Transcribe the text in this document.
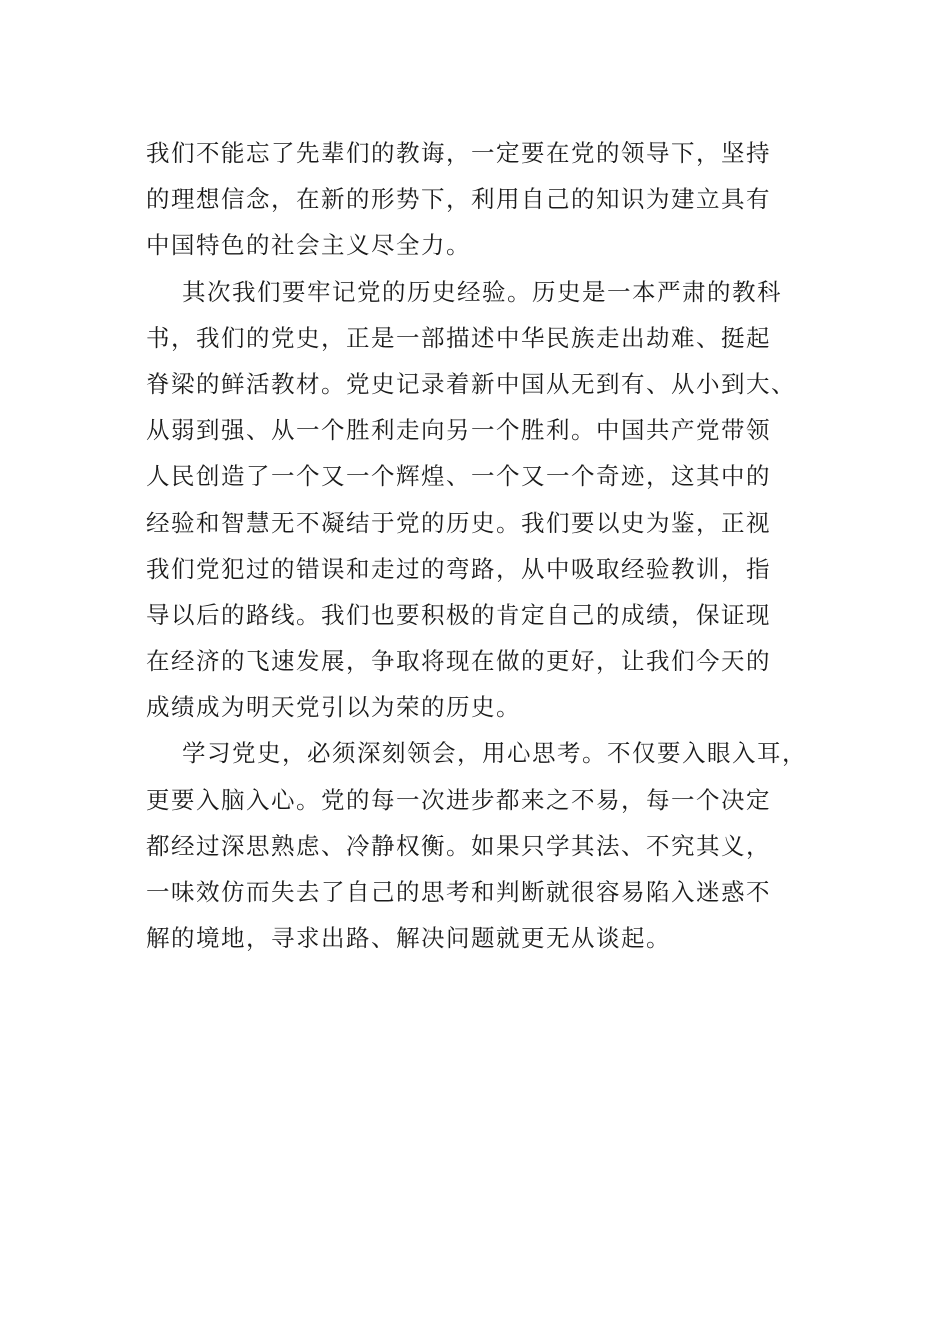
我们不能忘了先辈们的教诲，一定要在党的领导下，坚持
的理想信念，在新的形势下，利用自己的知识为建立具有
中国特色的社会主义尽全力。
其次我们要牢记党的历史经验。历史是一本严肃的教科
书，我们的党史，正是一部描述中华民族走出劫难、挺起
脊梁的鲜活教材。党史记录着新中国从无到有、从小到大、
从弱到强、从一个胜利走向另一个胜利。中国共产党带领
人民创造了一个又一个辉煌、一个又一个奇迹，这其中的
经验和智慧无不凝结于党的历史。我们要以史为鉴，正视
我们党犯过的错误和走过的弯路，从中吸取经验教训，指
导以后的路线。我们也要积极的肯定自己的成绩，保证现
在经济的飞速发展，争取将现在做的更好，让我们今天的
成绩成为明天党引以为荣的历史。
学习党史，必须深刻领会，用心思考。不仅要入眼入耳，
更要入脑入心。党的每一次进步都来之不易，每一个决定
都经过深思熟虑、冷静权衡。如果只学其法、不究其义，
一味效仿而失去了自己的思考和判断就很容易陷入迷惑不
解的境地，寻求出路、解决问题就更无从谈起。
